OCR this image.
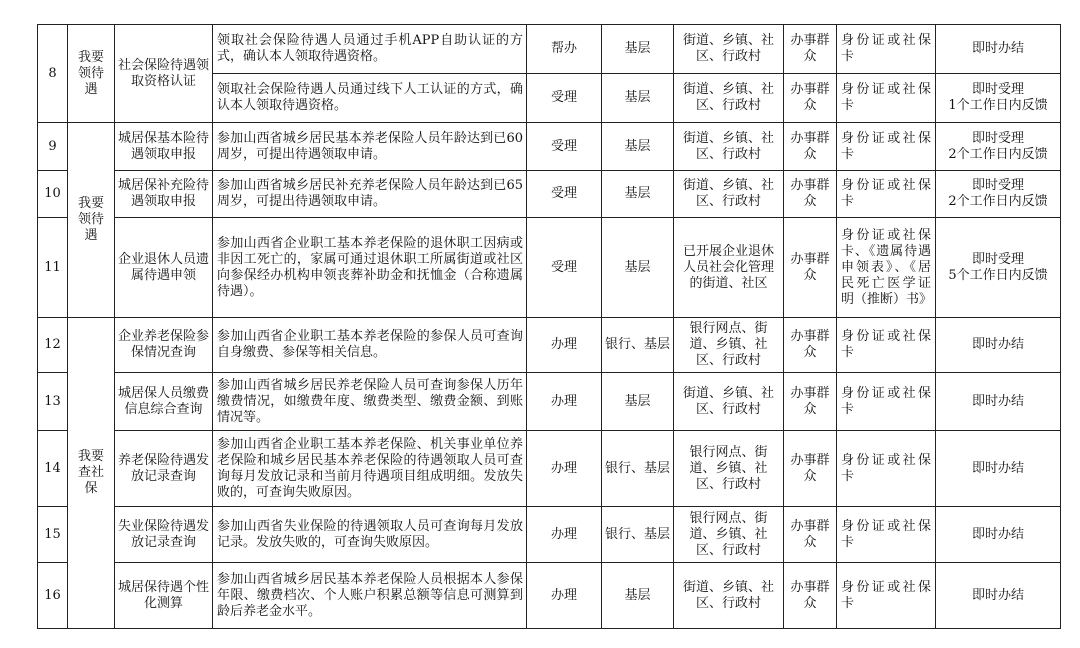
8	我要领待遇	社会保险待遇领取资格认证	领取社会保险待遇人员通过手机APP自助认证的方式，确认本人领取待遇资格。	帮办	基层	街道、乡镇、社区、行政村	办事群众	身份证或社保卡	即时办结
			领取社会保险待遇人员通过线下人工认证的方式，确认本人领取待遇资格。	受理	基层	街道、乡镇、社区、行政村	办事群众	身份证或社保卡	即时受理
1个工作日内反馈
9	我要领待遇	城居保基本险待遇领取申报	参加山西省城乡居民基本养老保险人员年龄达到已60周岁，可提出待遇领取申请。	受理	基层	街道、乡镇、社区、行政村	办事群众	身份证或社保卡	即时受理
2个工作日内反馈
10		城居保补充险待遇领取申报	参加山西省城乡居民补充养老保险人员年龄达到已65周岁，可提出待遇领取申请。	受理	基层	街道、乡镇、社区、行政村	办事群众	身份证或社保卡	即时受理
2个工作日内反馈
11		企业退休人员遗属待遇申领	参加山西省企业职工基本养老保险的退休职工因病或非因工死亡的，家属可通过退休职工所属街道或社区向参保经办机构申领丧葬补助金和抚恤金（合称遗属待遇）。	受理	基层	已开展企业退休人员社会化管理的街道、社区	办事群众	身份证或社保卡、《遗属待遇申领表》、《居民死亡医学证明（推断）书》	即时受理
5个工作日内反馈
12	我要查社保	企业养老保险参保情况查询	参加山西省企业职工基本养老保险的参保人员可查询自身缴费、参保等相关信息。	办理	银行、基层	银行网点、街道、乡镇、社区、行政村	办事群众	身份证或社保卡	即时办结
13		城居保人员缴费信息综合查询	参加山西省城乡居民养老保险人员可查询参保人历年缴费情况，如缴费年度、缴费类型、缴费金额、到账情况等。	办理	基层	街道、乡镇、社区、行政村	办事群众	身份证或社保卡	即时办结
14		养老保险待遇发放记录查询	参加山西省企业职工基本养老保险、机关事业单位养老保险和城乡居民基本养老保险的待遇领取人员可查询每月发放记录和当前月待遇项目组成明细。发放失败的，可查询失败原因。	办理	银行、基层	银行网点、街道、乡镇、社区、行政村	办事群众	身份证或社保卡	即时办结
15		失业保险待遇发放记录查询	参加山西省失业保险的待遇领取人员可查询每月发放记录。发放失败的，可查询失败原因。	办理	银行、基层	银行网点、街道、乡镇、社区、行政村	办事群众	身份证或社保卡	即时办结
16		城居保待遇个性化测算	参加山西省城乡居民基本养老保险人员根据本人参保年限、缴费档次、个人账户积累总额等信息可测算到龄后养老金水平。	办理	基层	街道、乡镇、社区、行政村	办事群众	身份证或社保卡	即时办结
